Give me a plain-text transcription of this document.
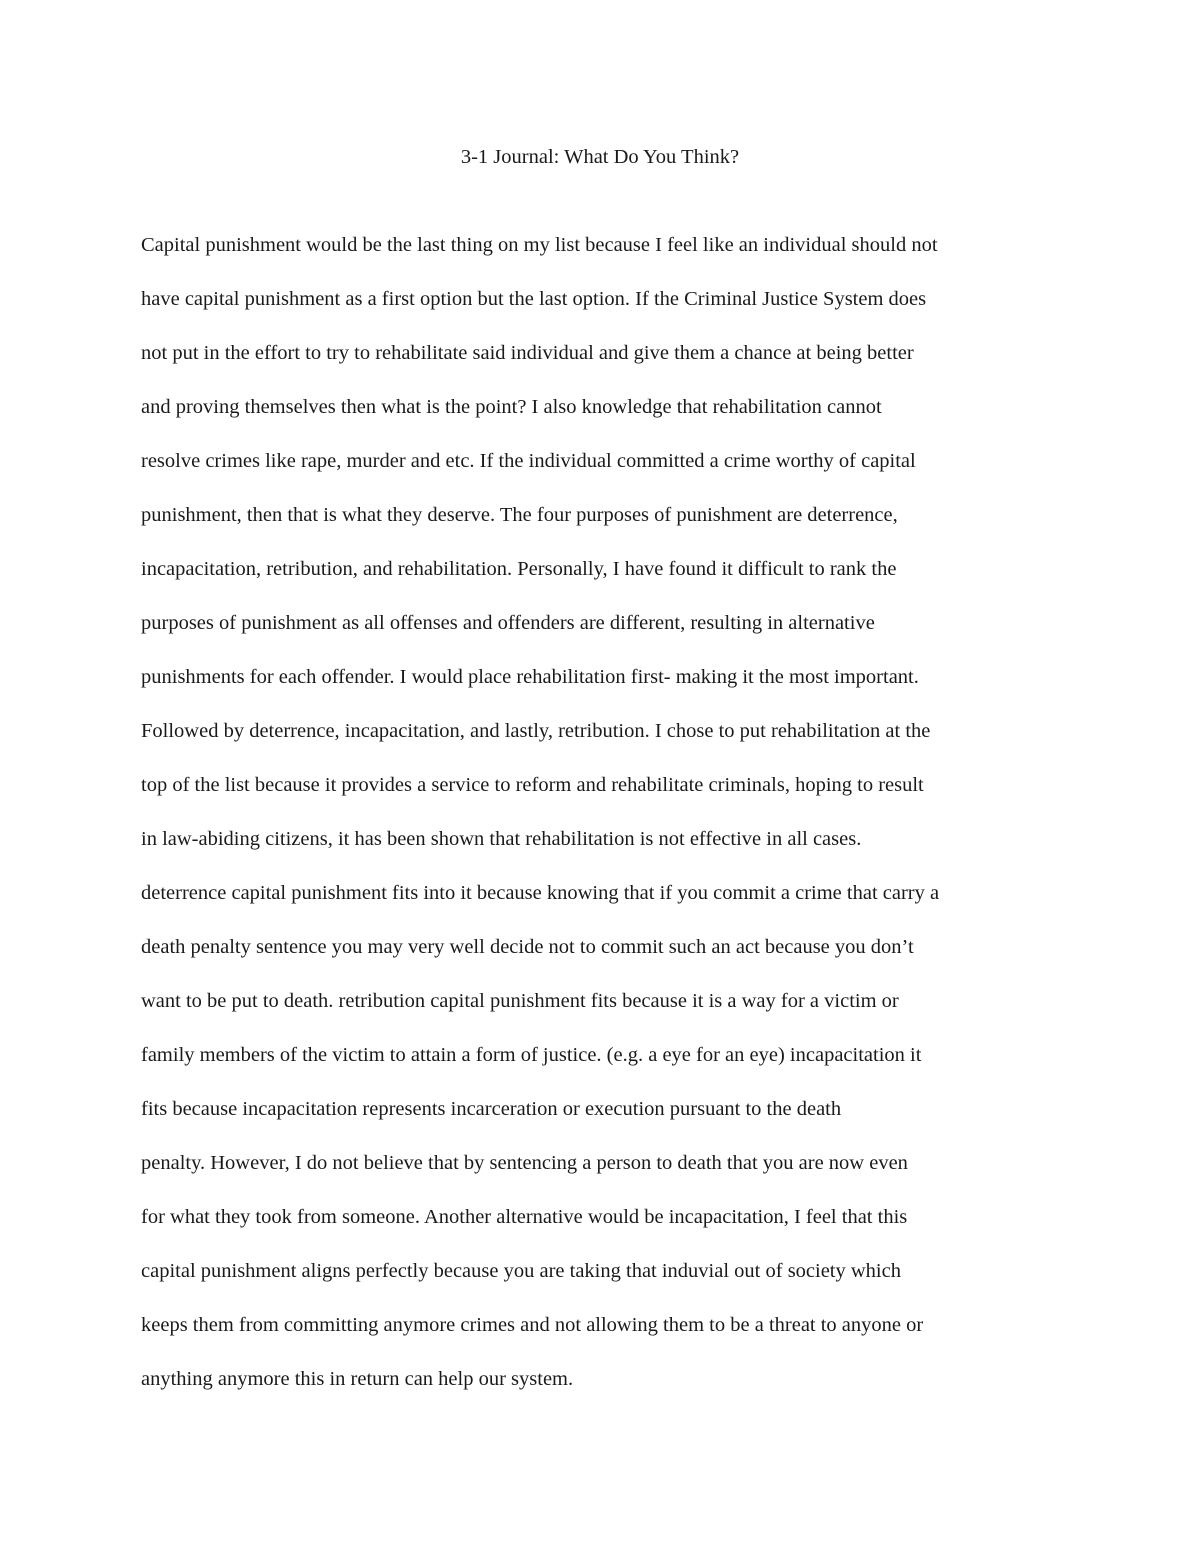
3-1 Journal: What Do You Think?
Capital punishment would be the last thing on my list because I feel like an individual should not
have capital punishment as a first option but the last option. If the Criminal Justice System does
not put in the effort to try to rehabilitate said individual and give them a chance at being better
and proving themselves then what is the point? I also knowledge that rehabilitation cannot
resolve crimes like rape, murder and etc. If the individual committed a crime worthy of capital
punishment, then that is what they deserve. The four purposes of punishment are deterrence,
incapacitation, retribution, and rehabilitation. Personally, I have found it difficult to rank the
purposes of punishment as all offenses and offenders are different, resulting in alternative
punishments for each offender. I would place rehabilitation first- making it the most important.
Followed by deterrence, incapacitation, and lastly, retribution. I chose to put rehabilitation at the
top of the list because it provides a service to reform and rehabilitate criminals, hoping to result
in law-abiding citizens, it has been shown that rehabilitation is not effective in all cases.
deterrence capital punishment fits into it because knowing that if you commit a crime that carry a
death penalty sentence you may very well decide not to commit such an act because you don’t
want to be put to death. retribution capital punishment fits because it is a way for a victim or
family members of the victim to attain a form of justice. (e.g. a eye for an eye) incapacitation it
fits because incapacitation represents incarceration or execution pursuant to the death
penalty. However, I do not believe that by sentencing a person to death that you are now even
for what they took from someone. Another alternative would be incapacitation, I feel that this
capital punishment aligns perfectly because you are taking that induvial out of society which
keeps them from committing anymore crimes and not allowing them to be a threat to anyone or
anything anymore this in return can help our system.
